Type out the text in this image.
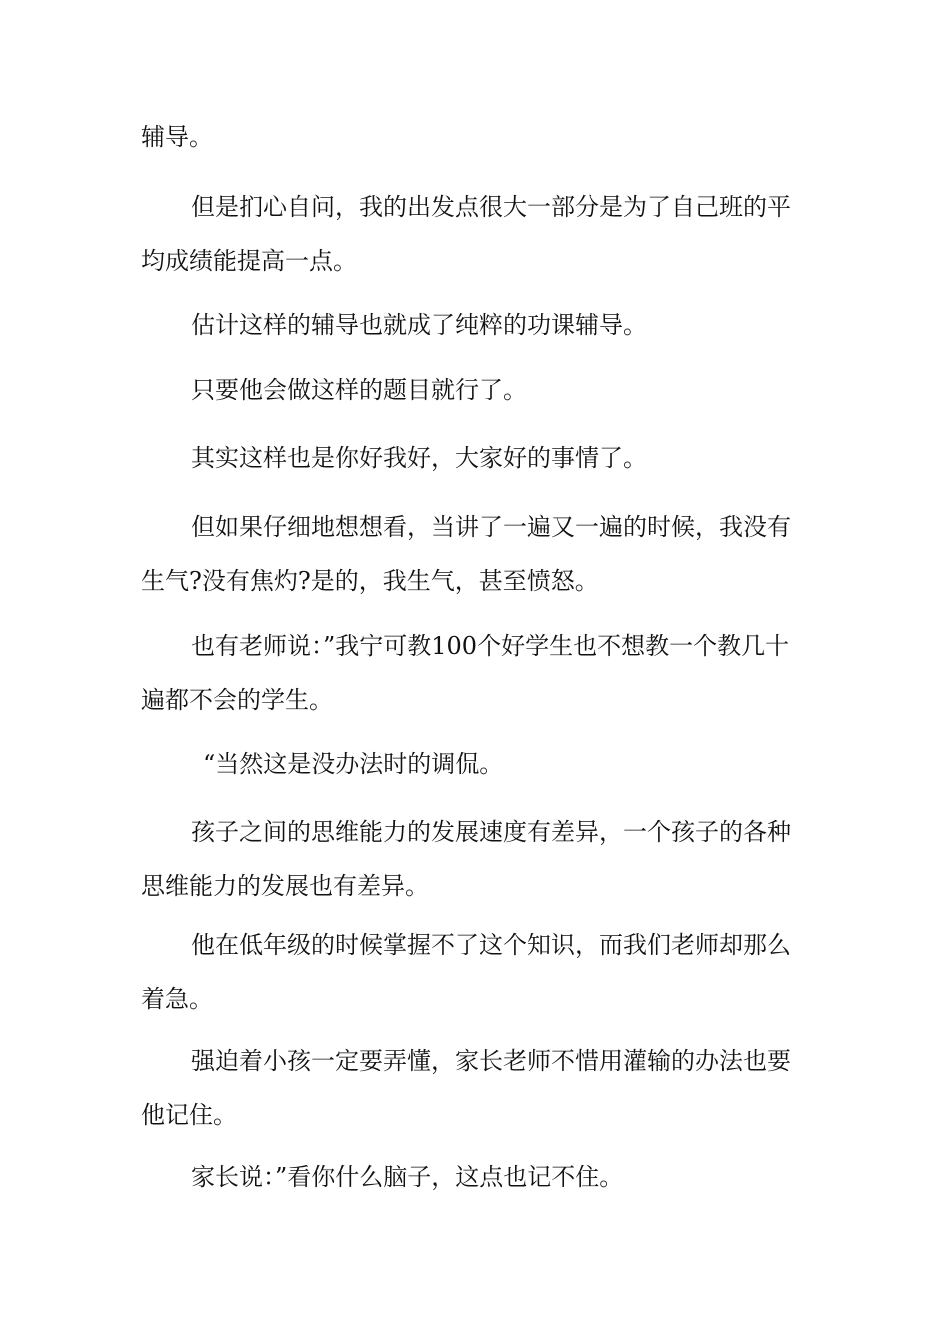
辅导。

但是扪心自问，我的出发点很大一部分是为了自己班的平均成绩能提高一点。

估计这样的辅导也就成了纯粹的功课辅导。

只要他会做这样的题目就行了。

其实这样也是你好我好，大家好的事情了。

但如果仔细地想想看，当讲了一遍又一遍的时候，我没有生气?没有焦灼?是的，我生气，甚至愤怒。

也有老师说：”我宁可教100个好学生也不想教一个教几十遍都不会的学生。

“当然这是没办法时的调侃。

孩子之间的思维能力的发展速度有差异，一个孩子的各种思维能力的发展也有差异。

他在低年级的时候掌握不了这个知识，而我们老师却那么着急。

强迫着小孩一定要弄懂，家长老师不惜用灌输的办法也要他记住。

家长说：”看你什么脑子，这点也记不住。
